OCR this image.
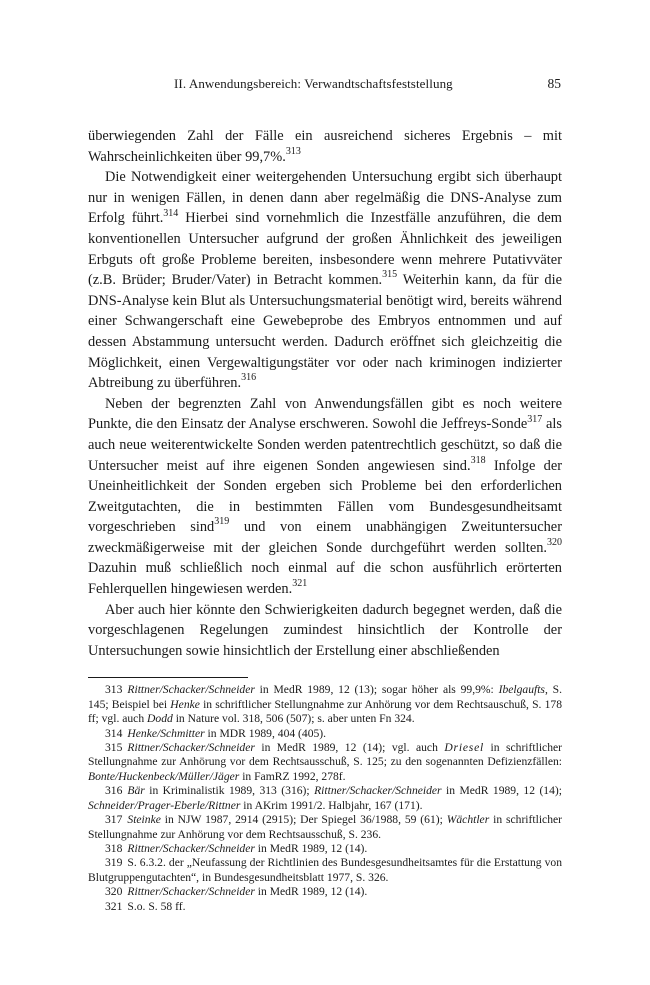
II. Anwendungsbereich: Verwandtschaftsfeststellung	85

überwiegenden Zahl der Fälle ein ausreichend sicheres Ergebnis – mit Wahrscheinlichkeiten über 99,7%.$^{313}$

Die Notwendigkeit einer weitergehenden Untersuchung ergibt sich überhaupt nur in wenigen Fällen, in denen dann aber regelmäßig die DNS-Analyse zum Erfolg führt.$^{314}$ Hierbei sind vornehmlich die Inzestfälle anzuführen, die dem konventionellen Untersucher aufgrund der großen Ähnlichkeit des jeweiligen Erbguts oft große Probleme bereiten, insbesondere wenn mehrere Putativväter (z.B. Brüder; Bruder/Vater) in Betracht kommen.$^{315}$ Weiterhin kann, da für die DNS-Analyse kein Blut als Untersuchungsmaterial benötigt wird, bereits während einer Schwangerschaft eine Gewebeprobe des Embryos entnommen und auf dessen Abstammung untersucht werden. Dadurch eröffnet sich gleichzeitig die Möglichkeit, einen Vergewaltigungstäter vor oder nach kriminogen indizierter Abtreibung zu überführen.$^{316}$

Neben der begrenzten Zahl von Anwendungsfällen gibt es noch weitere Punkte, die den Einsatz der Analyse erschweren. Sowohl die Jeffreys-Sonde$^{317}$ als auch neue weiterentwickelte Sonden werden patentrechtlich geschützt, so daß die Untersucher meist auf ihre eigenen Sonden angewiesen sind.$^{318}$ Infolge der Uneinheitlichkeit der Sonden ergeben sich Probleme bei den erforderlichen Zweitgutachten, die in bestimmten Fällen vom Bundesgesundheitsamt vorgeschrieben sind$^{319}$ und von einem unabhängigen Zweituntersucher zweckmäßigerweise mit der gleichen Sonde durchgeführt werden sollten.$^{320}$ Dazuhin muß schließlich noch einmal auf die schon ausführlich erörterten Fehlerquellen hingewiesen werden.$^{321}$

Aber auch hier könnte den Schwierigkeiten dadurch begegnet werden, daß die vorgeschlagenen Regelungen zumindest hinsichtlich der Kontrolle der Untersuchungen sowie hinsichtlich der Erstellung einer abschließenden

313 Rittner/Schacker/Schneider in MedR 1989, 12 (13); sogar höher als 99,9%: Ibelgaufts, S. 145; Beispiel bei Henke in schriftlicher Stellungnahme zur Anhörung vor dem Rechtsauschuß, S. 178 ff; vgl. auch Dodd in Nature vol. 318, 506 (507); s. aber unten Fn 324.

314 Henke/Schmitter in MDR 1989, 404 (405).

315 Rittner/Schacker/Schneider in MedR 1989, 12 (14); vgl. auch Driesel in schriftlicher Stellungnahme zur Anhörung vor dem Rechtsausschuß, S. 125; zu den sogenannten Defizienzfällen: Bonte/Huckenbeck/Müller/Jäger in FamRZ 1992, 278f.

316 Bär in Kriminalistik 1989, 313 (316); Rittner/Schacker/Schneider in MedR 1989, 12 (14); Schneider/Prager-Eberle/Rittner in AKrim 1991/2. Halbjahr, 167 (171).

317 Steinke in NJW 1987, 2914 (2915); Der Spiegel 36/1988, 59 (61); Wächtler in schriftlicher Stellungnahme zur Anhörung vor dem Rechtsausschuß, S. 236.

318 Rittner/Schacker/Schneider in MedR 1989, 12 (14).

319 S. 6.3.2. der „Neufassung der Richtlinien des Bundesgesundheitsamtes für die Erstattung von Blutgruppengutachten“, in Bundesgesundheitsblatt 1977, S. 326.

320 Rittner/Schacker/Schneider in MedR 1989, 12 (14).

321 S.o. S. 58 ff.
